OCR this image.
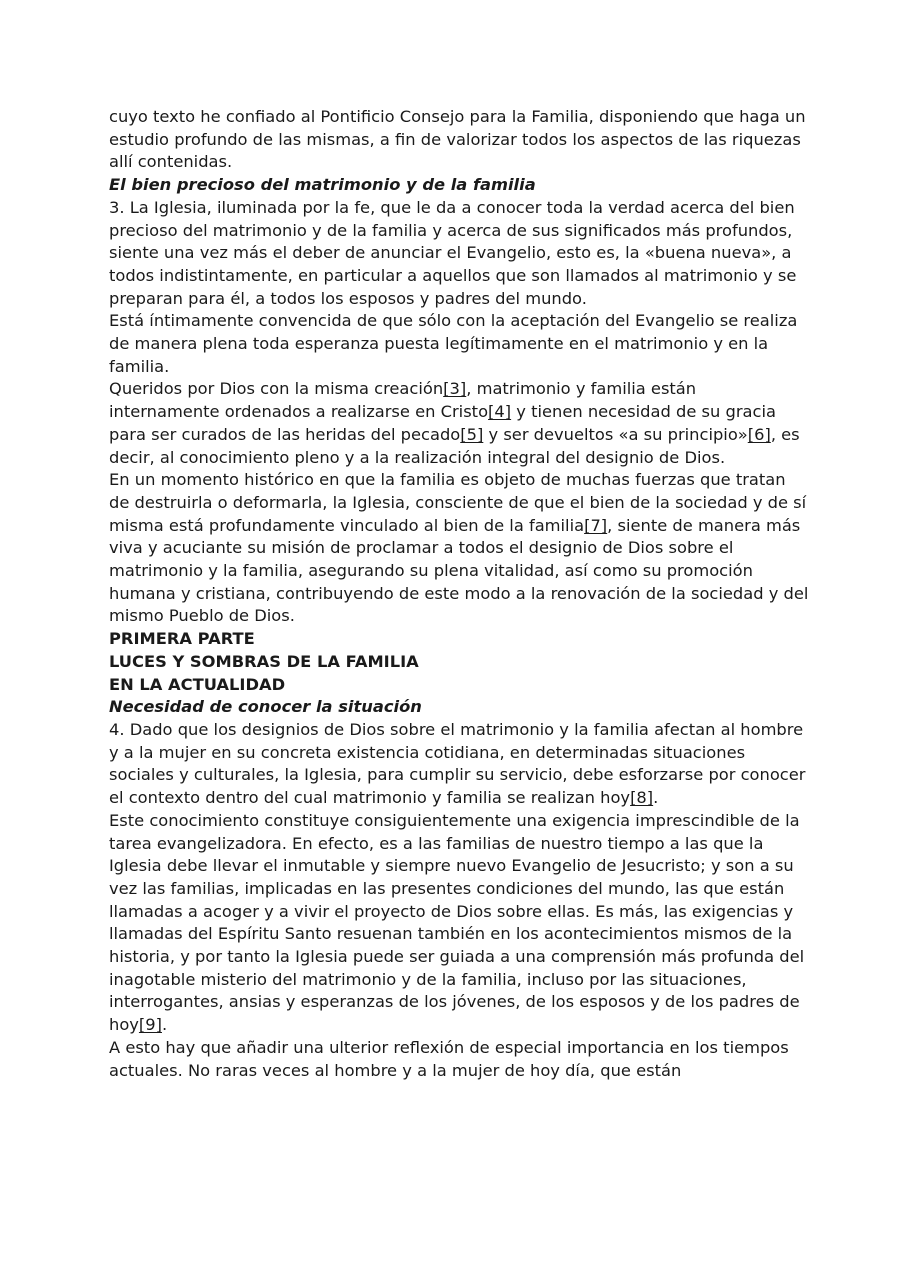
cuyo texto he confiado al Pontificio Consejo para la Familia, disponiendo que haga un estudio profundo de las mismas, a fin de valorizar todos los aspectos de las riquezas allí contenidas.

El bien precioso del matrimonio y de la familia

3. La Iglesia, iluminada por la fe, que le da a conocer toda la verdad acerca del bien precioso del matrimonio y de la familia y acerca de sus significados más profundos, siente una vez más el deber de anunciar el Evangelio, esto es, la «buena nueva», a todos indistintamente, en particular a aquellos que son llamados al matrimonio y se preparan para él, a todos los esposos y padres del mundo.

Está íntimamente convencida de que sólo con la aceptación del Evangelio se realiza de manera plena toda esperanza puesta legítimamente en el matrimonio y en la familia.

Queridos por Dios con la misma creación[3], matrimonio y familia están internamente ordenados a realizarse en Cristo[4] y tienen necesidad de su gracia para ser curados de las heridas del pecado[5] y ser devueltos «a su principio»[6], es decir, al conocimiento pleno y a la realización integral del designio de Dios.

En un momento histórico en que la familia es objeto de muchas fuerzas que tratan de destruirla o deformarla, la Iglesia, consciente de que el bien de la sociedad y de sí misma está profundamente vinculado al bien de la familia[7], siente de manera más viva y acuciante su misión de proclamar a todos el designio de Dios sobre el matrimonio y la familia, asegurando su plena vitalidad, así como su promoción humana y cristiana, contribuyendo de este modo a la renovación de la sociedad y del mismo Pueblo de Dios.

PRIMERA PARTE

LUCES Y SOMBRAS DE LA FAMILIA

EN LA ACTUALIDAD

Necesidad de conocer la situación

4. Dado que los designios de Dios sobre el matrimonio y la familia afectan al hombre y a la mujer en su concreta existencia cotidiana, en determinadas situaciones sociales y culturales, la Iglesia, para cumplir su servicio, debe esforzarse por conocer el contexto dentro del cual matrimonio y familia se realizan hoy[8].

Este conocimiento constituye consiguientemente una exigencia imprescindible de la tarea evangelizadora. En efecto, es a las familias de nuestro tiempo a las que la Iglesia debe llevar el inmutable y siempre nuevo Evangelio de Jesucristo; y son a su vez las familias, implicadas en las presentes condiciones del mundo, las que están llamadas a acoger y a vivir el proyecto de Dios sobre ellas. Es más, las exigencias y llamadas del Espíritu Santo resuenan también en los acontecimientos mismos de la historia, y por tanto la Iglesia puede ser guiada a una comprensión más profunda del inagotable misterio del matrimonio y de la familia, incluso por las situaciones, interrogantes, ansias y esperanzas de los jóvenes, de los esposos y de los padres de hoy[9].

A esto hay que añadir una ulterior reflexión de especial importancia en los tiempos actuales. No raras veces al hombre y a la mujer de hoy día, que están
